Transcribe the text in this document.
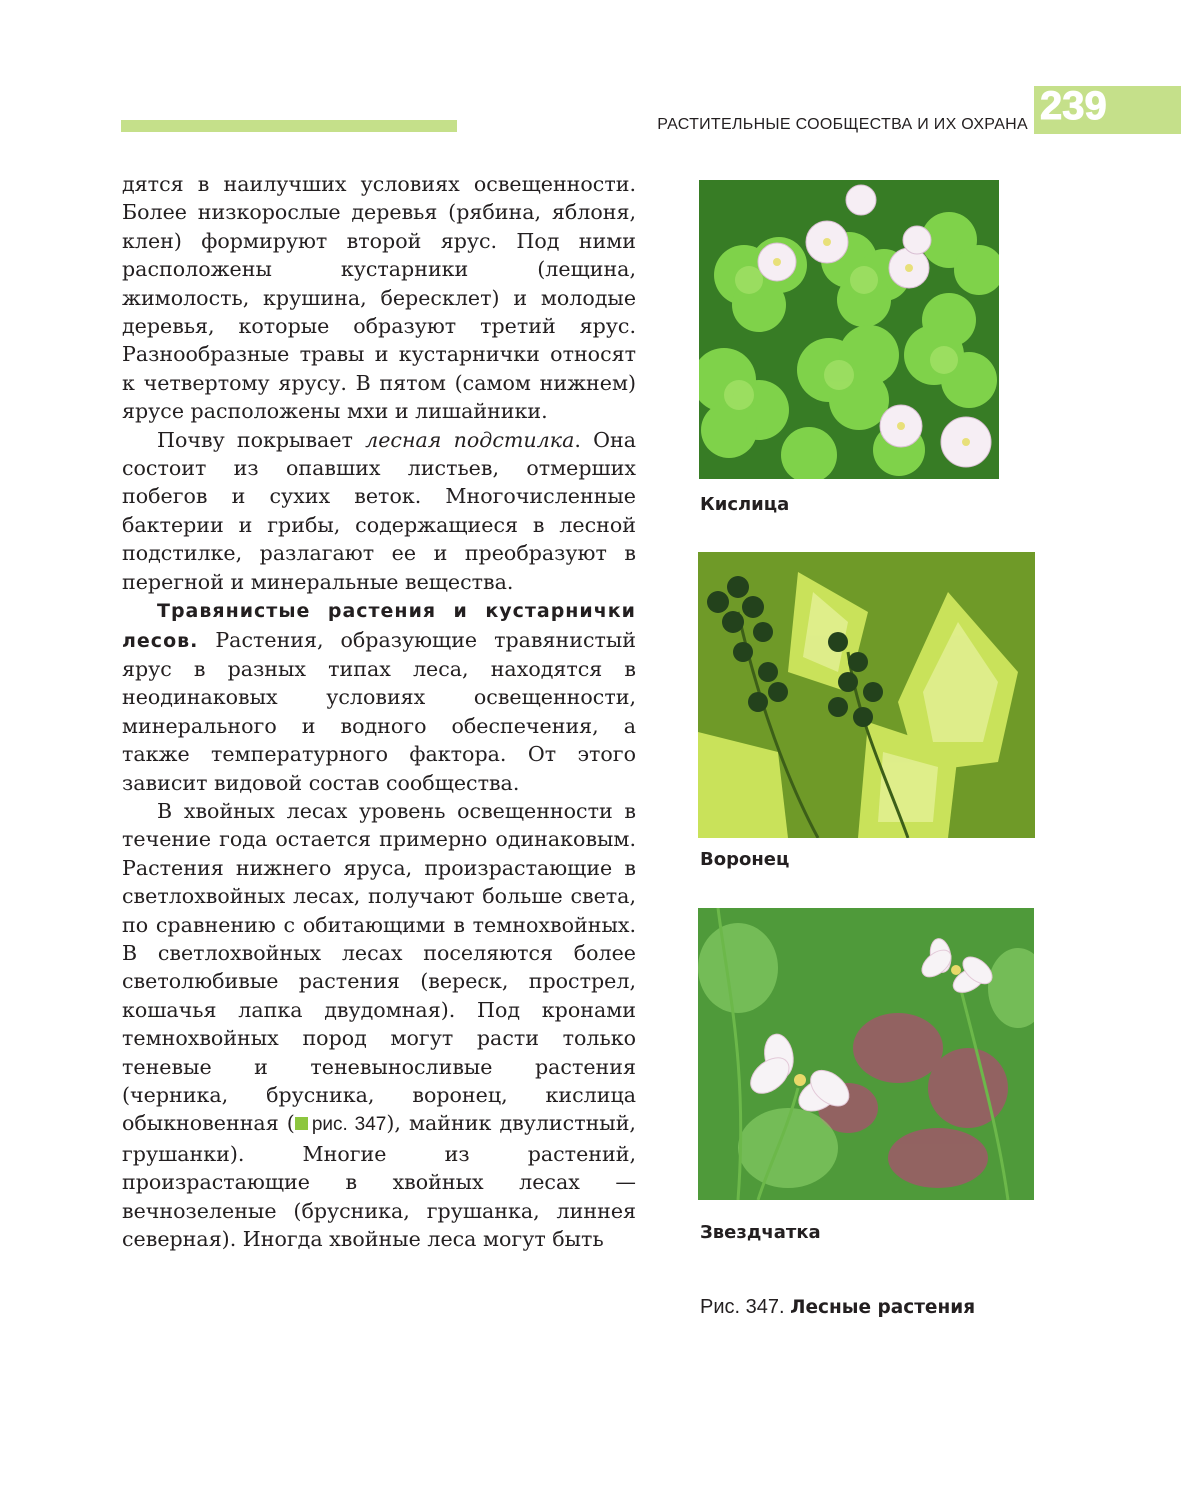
РАСТИТЕЛЬНЫЕ СООБЩЕСТВА И ИХ ОХРАНА 239

дятся в наилучших условиях освещенности. Более низкорослые деревья (рябина, яблоня, клен) формируют второй ярус. Под ними расположены кустарники (лещина, жимолость, крушина, бересклет) и молодые деревья, которые образуют третий ярус. Разнообразные травы и кустарнички относят к четвертому ярусу. В пятом (самом нижнем) ярусе расположены мхи и лишайники.

Почву покрывает лесная подстилка. Она состоит из опавших листьев, отмерших побегов и сухих веток. Многочисленные бактерии и грибы, содержащиеся в лесной подстилке, разлагают ее и преобразуют в перегной и минеральные вещества.

Травянистые растения и кустарнички лесов. Растения, образующие травянистый ярус в разных типах леса, находятся в неодинаковых условиях освещенности, минерального и водного обеспечения, а также температурного фактора. От этого зависит видовой состав сообщества.

В хвойных лесах уровень освещенности в течение года остается примерно одинаковым. Растения нижнего яруса, произрастающие в светлохвойных лесах, получают больше света, по сравнению с обитающими в темнохвойных. В светлохвойных лесах поселяются более светолюбивые растения (вереск, прострел, кошачья лапка двудомная). Под кронами темнохвойных пород могут расти только теневые и теневыносливые растения (черника, брусника, воронец, кислица обыкновенная ( рис. 347), майник двулистный, грушанки). Многие из растений, произрастающие в хвойных лесах — вечнозеленые (брусника, грушанка, линнея северная). Иногда хвойные леса могут быть

Кислица
Воронец
Звездчатка
Рис. 347. Лесные растения
